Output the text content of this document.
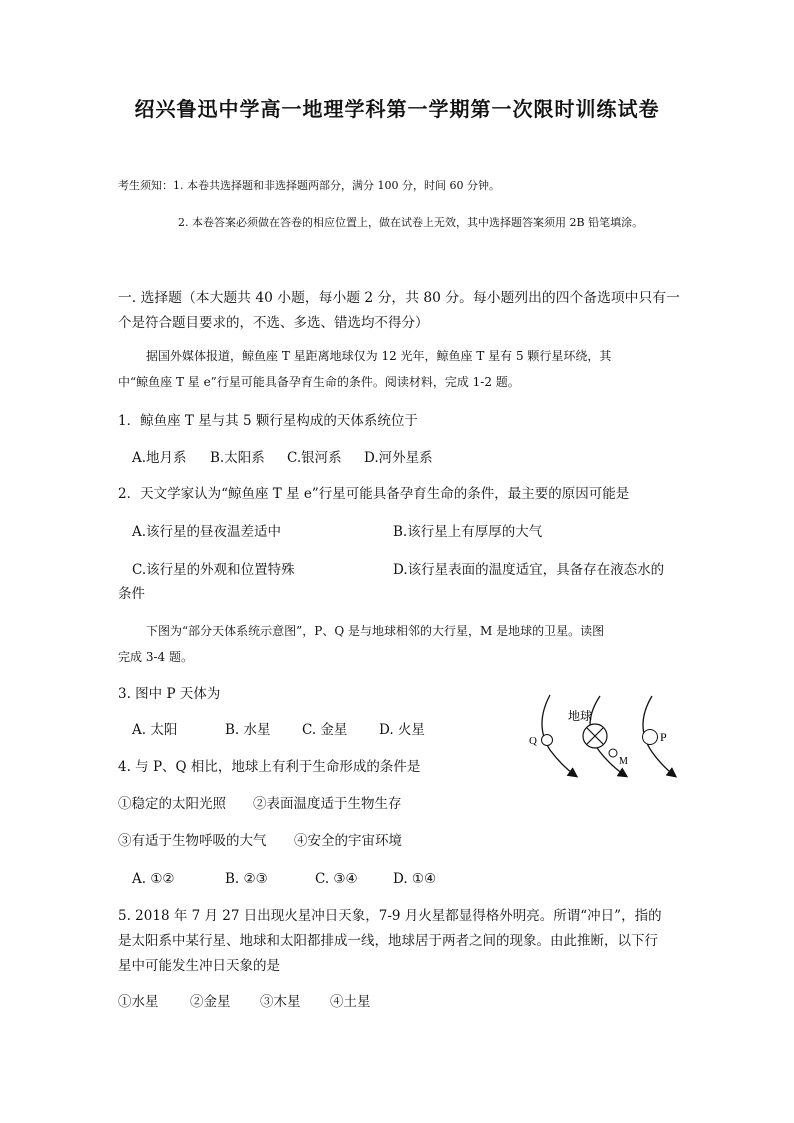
绍兴鲁迅中学高一地理学科第一学期第一次限时训练试卷
考生须知：1. 本卷共选择题和非选择题两部分，满分 100 分，时间 60 分钟。
2. 本卷答案必须做在答卷的相应位置上，做在试卷上无效，其中选择题答案须用 2B 铅笔填涂。
一. 选择题（本大题共 40 小题，每小题 2 分，共 80 分。每小题列出的四个备选项中只有一
个是符合题目要求的，不选、多选、错选均不得分）
据国外媒体报道，鲸鱼座 T 星距离地球仅为 12 光年，鲸鱼座 T 星有 5 颗行星环绕，其
中“鲸鱼座 T 星 e”行星可能具备孕育生命的条件。阅读材料，完成 1-2 题。
1．鲸鱼座 T 星与其 5 颗行星构成的天体系统位于
A.地月系 B.太阳系 C.银河系 D.河外星系
2．天文学家认为“鲸鱼座 T 星 e”行星可能具备孕育生命的条件，最主要的原因可能是
A.该行星的昼夜温差适中	B.该行星上有厚厚的大气
C.该行星的外观和位置特殊	D.该行星表面的温度适宜，具备存在液态水的
条件
下图为“部分天体系统示意图”，P、Q 是与地球相邻的大行星，M 是地球的卫星。读图
完成 3-4 题。
3. 图中 P 天体为
A. 太阳	B. 水星 C. 金星 D. 火星
4. 与 P、Q 相比，地球上有利于生命形成的条件是
①稳定的太阳光照 ②表面温度适于生物生存
③有适于生物呼吸的大气 ④安全的宇宙环境
A. ①②	B. ②③	C. ③④	D. ①④
5. 2018 年 7 月 27 日出现火星冲日天象，7-9 月火星都显得格外明亮。所谓“冲日”，指的
是太阳系中某行星、地球和太阳都排成一线，地球居于两者之间的现象。由此推断，以下行
星中可能发生冲日天象的是
①水星 ②金星 ③木星 ④土星
Q
地球
M
P
